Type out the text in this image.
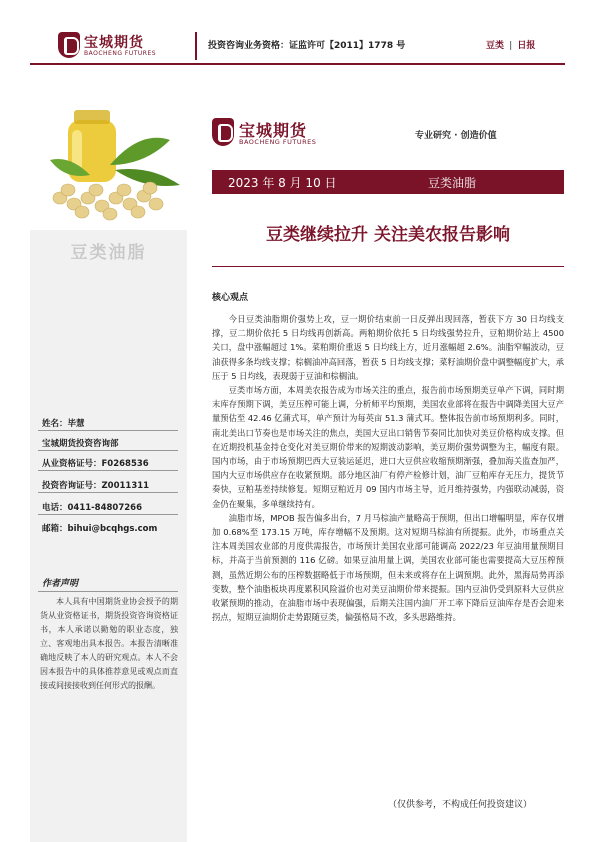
宝城期货
BAOCHENG FUTURES
投资咨询业务资格：证监许可【2011】1778 号	豆类 | 日报
豆类油脂
姓名：毕慧
宝城期货投资咨询部
从业资格证号：F0268536
投资咨询证号：Z0011311
电话：0411-84807266
邮箱：bihui@bcqhgs.com
作者声明
本人具有中国期货业协会授予的期货从业资格证书，期货投资咨询资格证书，本人承诺以勤勉的职业态度，独立、客观地出具本报告。本报告清晰准确地反映了本人的研究观点。本人不会因本报告中的具体推荐意见或观点而直接或间接接收到任何形式的报酬。
宝城期货
BAOCHENG FUTURES
专业研究 · 创造价值
2023 年 8 月 10 日	豆类油脂
豆类继续拉升 关注美农报告影响
核心观点

今日豆类油脂期价强势上攻，豆一期价结束前一日反弹出现回落，暂获下方 30 日均线支撑，豆二期价依托 5 日均线再创新高。两粕期价依托 5 日均线强势拉升，豆粕期价站上 4500 关口，盘中涨幅超过 1%。菜粕期价重返 5 日均线上方，近月涨幅超 2.6%。油脂窄幅波动，豆油获得多条均线支撑；棕榈油冲高回落，暂获 5 日均线支撑；菜籽油期价盘中调整幅度扩大，承压于 5 日均线，表现弱于豆油和棕榈油。

豆类市场方面，本周美农报告成为市场关注的重点，报告前市场预期美豆单产下调，同时期末库存预期下调，美豆压榨可能上调，分析师平均预期，美国农业部将在报告中调降美国大豆产量预估至 42.46 亿蒲式耳，单产预计为每英亩 51.3 蒲式耳。整体报告前市场预期利多。同时，南北美出口节奏也是市场关注的焦点，美国大豆出口销售节奏同比加快对美豆价格构成支撑。但在近期投机基金持仓变化对美豆期价带来的短期波动影响，美豆期价强势调整为主，幅度有限。国内市场，由于市场预期巴西大豆装运延迟，进口大豆供应收缩预期渐强，叠加海关监查加严，国内大豆市场供应存在收紧预期。部分地区油厂有停产检修计划，油厂豆粕库存无压力，提货节奏快，豆粕基差持续修复。短期豆粕近月 09 国内市场主导，近月维持强势，内强联动减弱，资金仍在聚集，多单继续持有。

油脂市场，MPOB 报告偏多出台，7 月马棕油产量略高于预期，但出口增幅明显，库存仅增加 0.68%至 173.15 万吨，库存增幅不及预期。这对短期马棕油有所提振。此外，市场重点关注本周美国农业部的月度供需报告，市场预计美国农业部可能调高 2022/23 年豆油用量预期目标，并高于当前预测的 116 亿磅。如果豆油用量上调，美国农业部可能也需要提高大豆压榨预测，虽然近期公布的压榨数据略低于市场预期，但未来或将存在上调预期。此外，黑海局势再添变数，整个油脂板块再度累积风险溢价也对美豆油期价带来提振。国内豆油仍受到原料大豆供应收紧预期的推动，在油脂市场中表现偏强，后期关注国内油厂开工率下降后豆油库存是否会迎来拐点，短期豆油期价走势跟随豆类，偏强格局不改，多头思路维持。

（仅供参考，不构成任何投资建议）
